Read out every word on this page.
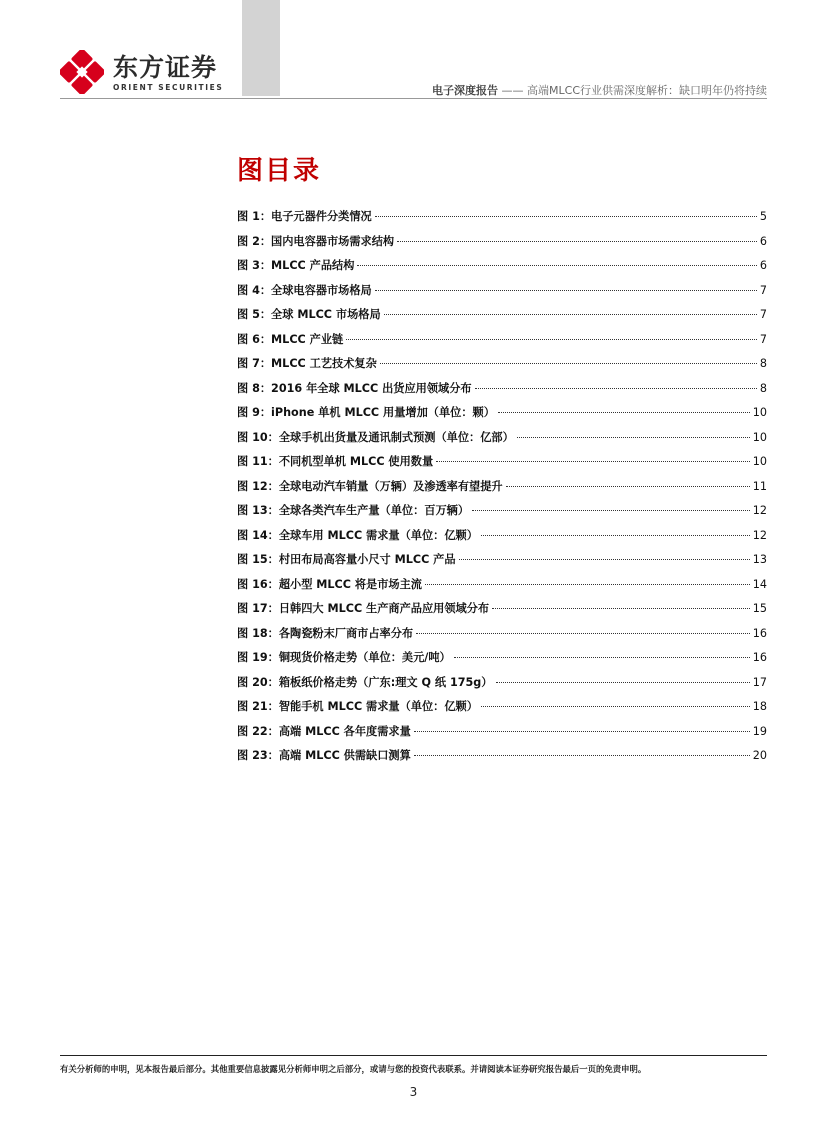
东方证券
ORIENT SECURITIES	电子深度报告 —— 高端MLCC行业供需深度解析：缺口明年仍将持续
图目录
图 1：电子元器件分类情况	5
图 2：国内电容器市场需求结构	6
图 3：MLCC 产品结构	6
图 4：全球电容器市场格局	7
图 5：全球 MLCC 市场格局	7
图 6：MLCC 产业链	7
图 7：MLCC 工艺技术复杂	8
图 8：2016 年全球 MLCC 出货应用领域分布	8
图 9：iPhone 单机 MLCC 用量增加（单位：颗）	10
图 10：全球手机出货量及通讯制式预测（单位：亿部）	10
图 11：不同机型单机 MLCC 使用数量	10
图 12：全球电动汽车销量（万辆）及渗透率有望提升	11
图 13：全球各类汽车生产量（单位：百万辆）	12
图 14：全球车用 MLCC 需求量（单位：亿颗）	12
图 15：村田布局高容量小尺寸 MLCC 产品	13
图 16：超小型 MLCC 将是市场主流	14
图 17：日韩四大 MLCC 生产商产品应用领域分布	15
图 18：各陶瓷粉末厂商市占率分布	16
图 19：铜现货价格走势（单位：美元/吨）	16
图 20：箱板纸价格走势（广东:理文 Q 纸 175g）	17
图 21：智能手机 MLCC 需求量（单位：亿颗）	18
图 22：高端 MLCC 各年度需求量	19
图 23：高端 MLCC 供需缺口测算	20
有关分析师的申明，见本报告最后部分。其他重要信息披露见分析师申明之后部分，或请与您的投资代表联系。并请阅读本证券研究报告最后一页的免责申明。
3
